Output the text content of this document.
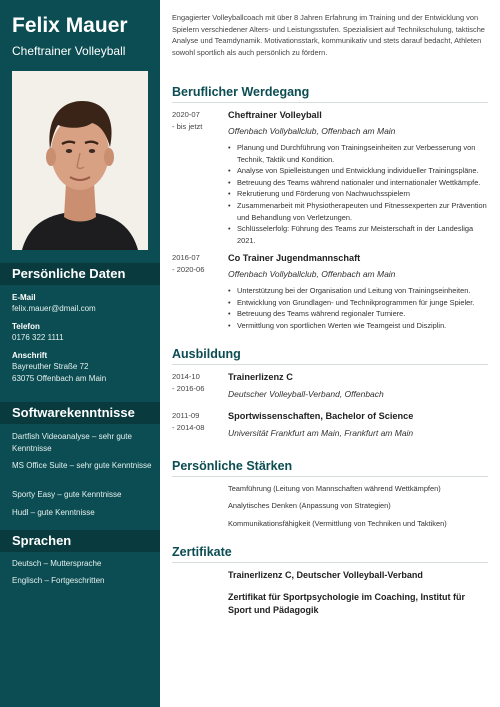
Felix Mauer
Cheftrainer Volleyball
Persönliche Daten
E-Mail
felix.mauer@dmail.com
Telefon
0176 322 1111
Anschrift
Bayreuther Straße 72
63075 Offenbach am Main
Softwarekenntnisse
Dartfish Videoanalyse – sehr gute Kenntnisse
MS Office Suite – sehr gute Kenntnisse
Sporty Easy – gute Kenntnisse
Hudl – gute Kenntnisse
Sprachen
Deutsch – Muttersprache
Englisch – Fortgeschritten
Engagierter Volleyballcoach mit über 8 Jahren Erfahrung im Training und der Entwicklung von Spielern verschiedener Alters- und Leistungsstufen. Spezialisiert auf Technikschulung, taktische Analyse und Teamdynamik. Motivationsstark, kommunikativ und stets darauf bedacht, Athleten sowohl sportlich als auch persönlich zu fördern.
Beruflicher Werdegang
2020-07
- bis jetzt
Cheftrainer Volleyball
Offenbach Vollyballclub, Offenbach am Main
• Planung und Durchführung von Trainingseinheiten zur Verbesserung von Technik, Taktik und Kondition.
• Analyse von Spielleistungen und Entwicklung individueller Trainingspläne.
• Betreuung des Teams während nationaler und internationaler Wettkämpfe.
• Rekrutierung und Förderung von Nachwuchsspielern
• Zusammenarbeit mit Physiotherapeuten und Fitnessexperten zur Prävention und Behandlung von Verletzungen.
• Schlüsselerfolg: Führung des Teams zur Meisterschaft in der Landesliga 2021.
2016-07
- 2020-06
Co Trainer Jugendmannschaft
Offenbach Vollyballclub, Offenbach am Main
• Unterstützung bei der Organisation und Leitung von Trainingseinheiten.
• Entwicklung von Grundlagen- und Technikprogrammen für junge Spieler.
• Betreuung des Teams während regionaler Turniere.
• Vermittlung von sportlichen Werten wie Teamgeist und Disziplin.
Ausbildung
2014-10
- 2016-06
Trainerlizenz C
Deutscher Volleyball-Verband, Offenbach
2011-09
- 2014-08
Sportwissenschaften, Bachelor of Science
Universität Frankfurt am Main, Frankfurt am Main
Persönliche Stärken
Teamführung (Leitung von Mannschaften während Wettkämpfen)
Analytisches Denken (Anpassung von Strategien)
Kommunikationsfähigkeit (Vermittlung von Techniken und Taktiken)
Zertifikate
Trainerlizenz C, Deutscher Volleyball-Verband
Zertifikat für Sportpsychologie im Coaching, Institut für Sport und Pädagogik
